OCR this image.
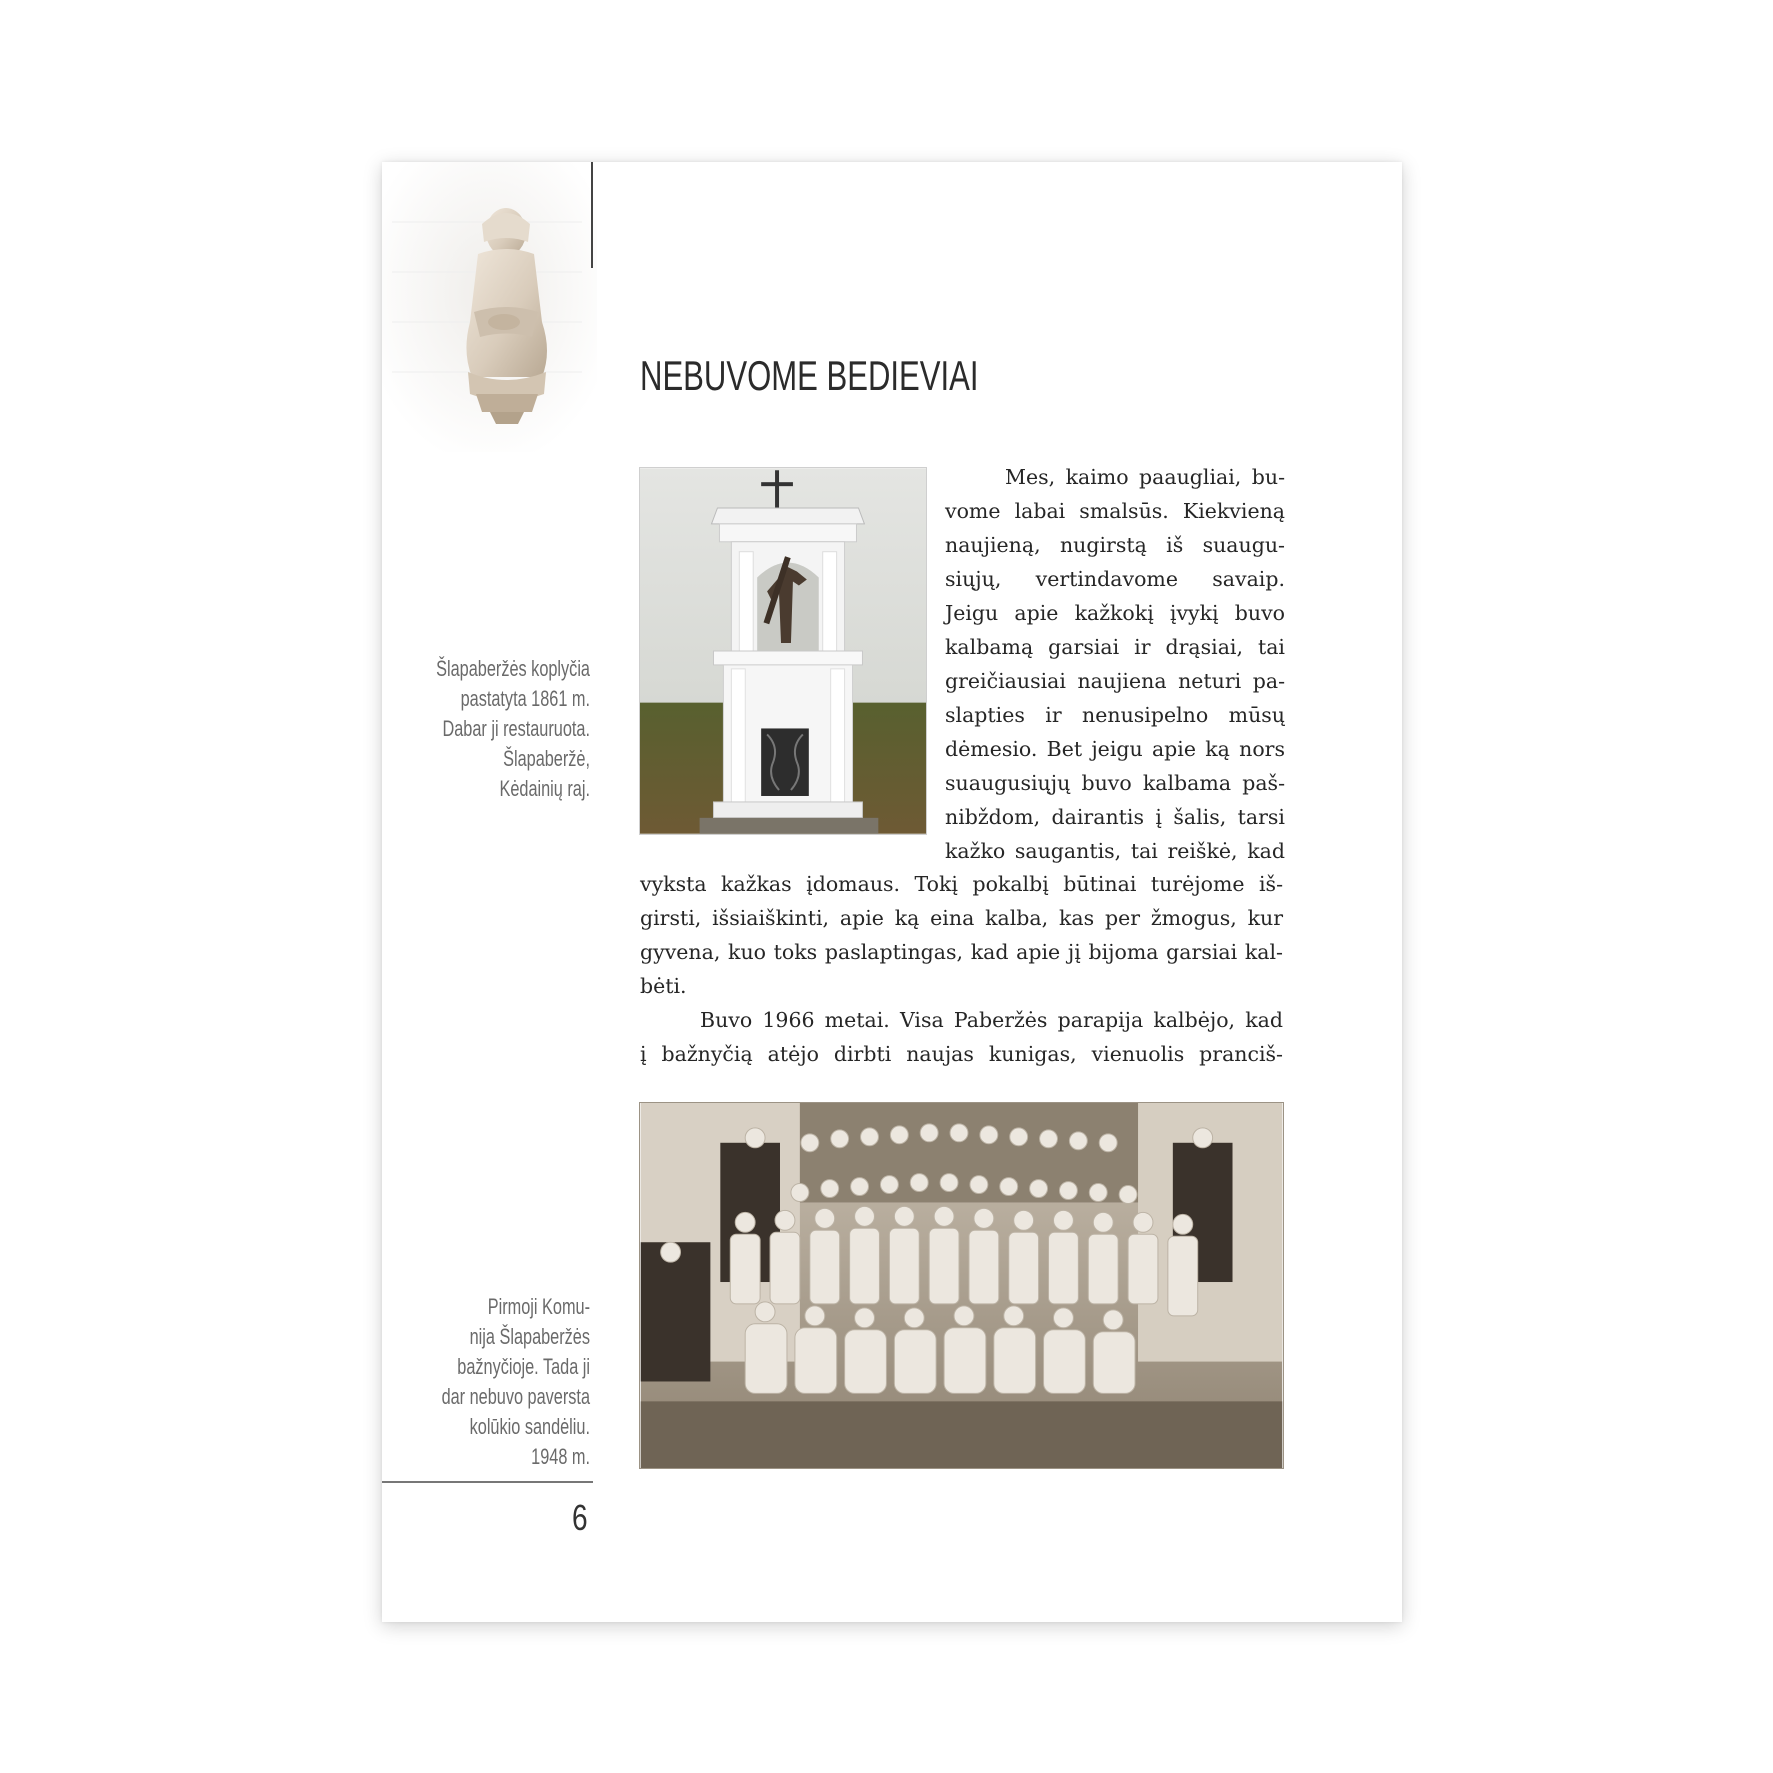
NEBUVOME BEDIEVIAI
Šlapaberžės koplyčia
pastatyta 1861 m.
Dabar ji restauruota.
Šlapaberžė,
Kėdainių raj.
Mes, kaimo paaugliai, bu-
vome labai smalsūs. Kiekvieną
naujieną, nugirstą iš suaugu-
siųjų, vertindavome savaip.
Jeigu apie kažkokį įvykį buvo
kalbamą garsiai ir drąsiai, tai
greičiausiai naujiena neturi pa-
slapties ir nenusipelno mūsų
dėmesio. Bet jeigu apie ką nors
suaugusiųjų buvo kalbama paš-
nibždom, dairantis į šalis, tarsi
kažko saugantis, tai reiškė, kad
vyksta kažkas įdomaus. Tokį pokalbį būtinai turėjome iš-
girsti, išsiaiškinti, apie ką eina kalba, kas per žmogus, kur
gyvena, kuo toks paslaptingas, kad apie jį bijoma garsiai kal-
bėti.
Buvo 1966 metai. Visa Paberžės parapija kalbėjo, kad
į bažnyčią atėjo dirbti naujas kunigas, vienuolis pranciš-
Pirmoji Komu-
nija Šlapaberžės
bažnyčioje. Tada ji
dar nebuvo paversta
kolūkio sandėliu.
1948 m.
6
